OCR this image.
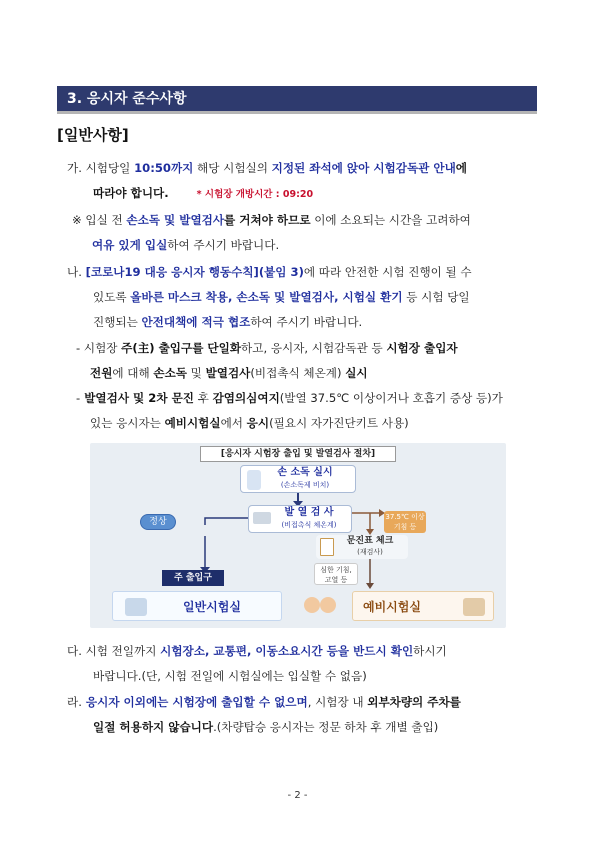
3. 응시자 준수사항
[일반사항]
가. 시험당일 10:50까지 해당 시험실의 지정된 좌석에 앉아 시험감독관 안내에
따라야 합니다.	* 시험장 개방시간 : 09:20
※ 입실 전 손소독 및 발열검사를 거쳐야 하므로 이에 소요되는 시간을 고려하여
여유 있게 입실하여 주시기 바랍니다.
나. [코로나19 대응 응시자 행동수칙](붙임 3)에 따라 안전한 시험 진행이 될 수
있도록 올바른 마스크 착용, 손소독 및 발열검사, 시험실 환기 등 시험 당일
진행되는 안전대책에 적극 협조하여 주시기 바랍니다.
- 시험장 주(主) 출입구를 단일화하고, 응시자, 시험감독관 등 시험장 출입자
전원에 대해 손소독 및 발열검사(비접촉식 체온계) 실시
- 발열검사 및 2차 문진 후 감염의심여지(발열 37.5℃ 이상이거나 호흡기 증상 등)가
있는 응시자는 예비시험실에서 응시(필요시 자가진단키트 사용)
[응시자 시험장 출입 및 발열검사 절차]
손 소독 실시
(손소독제 비치)
발 열 검 사
(비접촉식 체온계)
정상	37.5℃ 이상
기침 등
문진표 체크
(재검사)
심한 기침,
고열 등
주 출입구
일반시험실	예비시험실
다. 시험 전일까지 시험장소, 교통편, 이동소요시간 등을 반드시 확인하시기
바랍니다.(단, 시험 전일에 시험실에는 입실할 수 없음)
라. 응시자 이외에는 시험장에 출입할 수 없으며, 시험장 내 외부차량의 주차를
일절 허용하지 않습니다.(차량탑승 응시자는 정문 하차 후 개별 출입)
- 2 -
